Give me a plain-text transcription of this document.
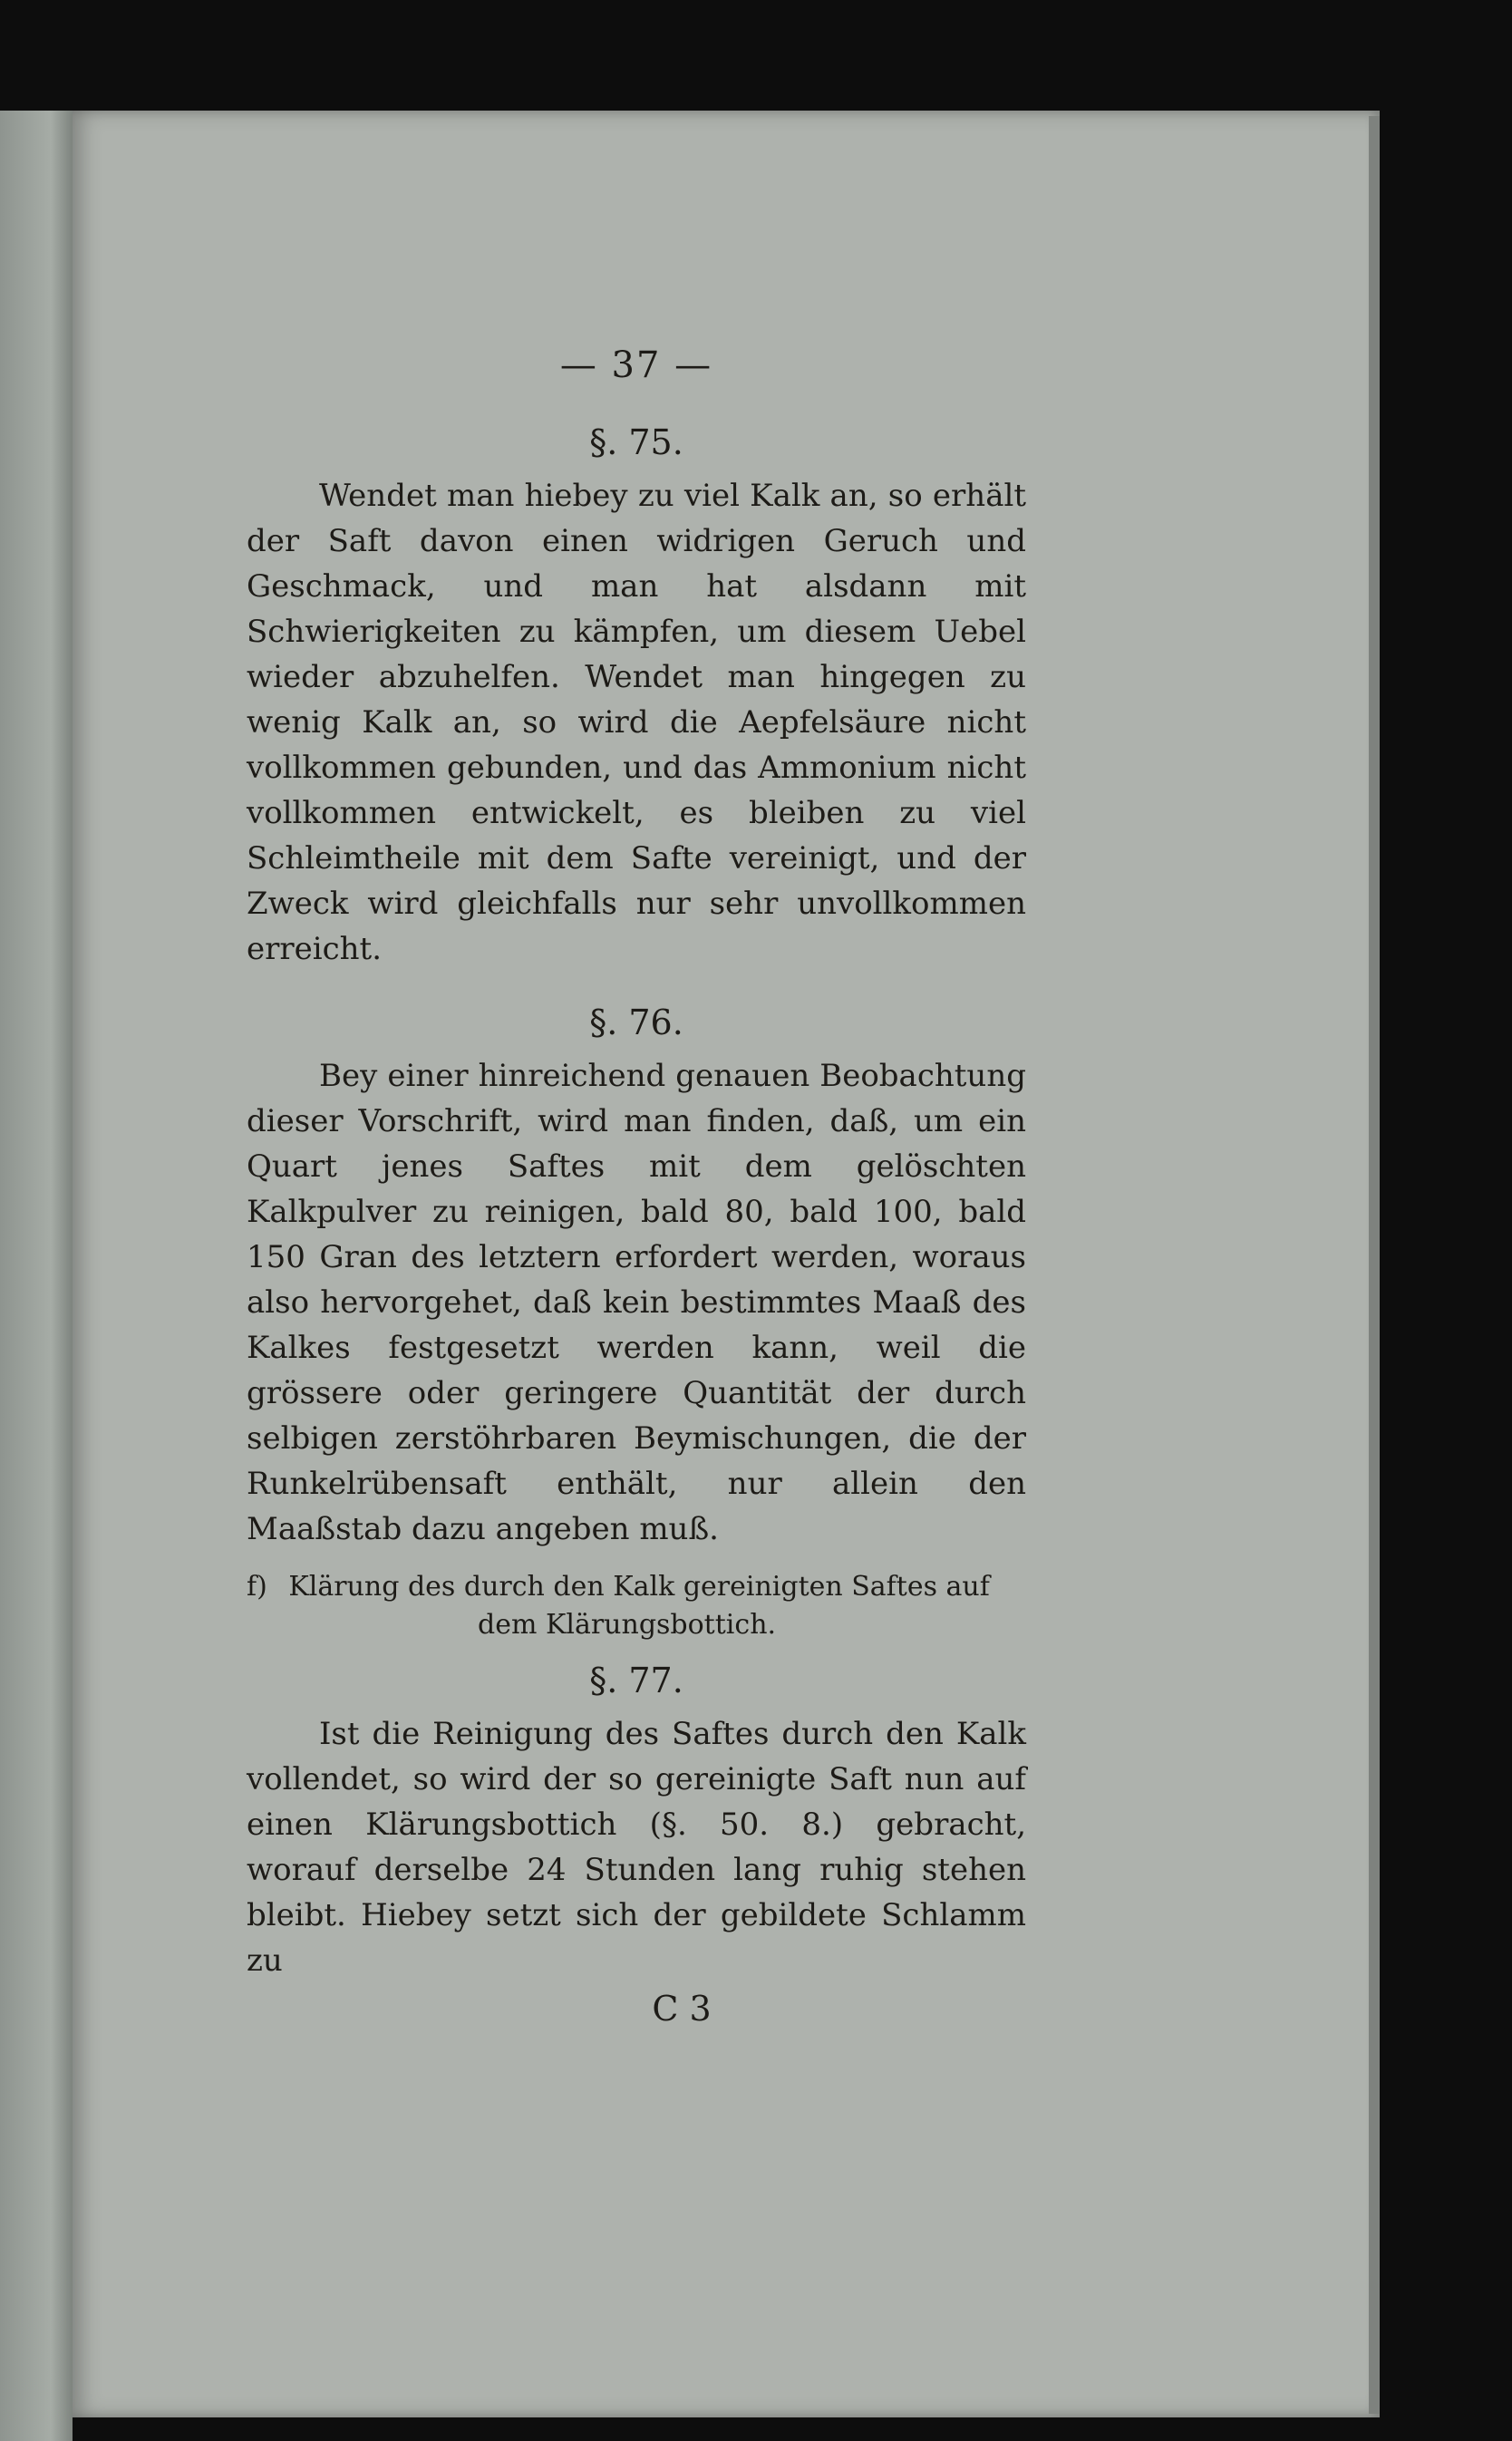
— 37 —
§. 75.

Wendet man hiebey zu viel Kalk an, so erhält der Saft davon einen widrigen Geruch und Geschmack, und man hat alsdann mit Schwierigkeiten zu kämpfen, um diesem Uebel wieder abzuhelfen. Wendet man hingegen zu wenig Kalk an, so wird die Aepfelsäure nicht vollkommen gebunden, und das Ammonium nicht vollkommen entwickelt, es bleiben zu viel Schleimtheile mit dem Safte vereinigt, und der Zweck wird gleichfalls nur sehr unvollkommen erreicht.

§. 76.

Bey einer hinreichend genauen Beobachtung dieser Vorschrift, wird man finden, daß, um ein Quart jenes Saftes mit dem gelöschten Kalkpulver zu reinigen, bald 80, bald 100, bald 150 Gran des letztern erfordert werden, woraus also hervorgehet, daß kein bestimmtes Maaß des Kalkes festgesetzt werden kann, weil die grössere oder geringere Quantität der durch selbigen zerstöhrbaren Beymischungen, die der Runkelrübensaft enthält, nur allein den Maaßstab dazu angeben muß.

f) Klärung des durch den Kalk gereinigten Saftes auf
dem Klärungsbottich.
§. 77.

Ist die Reinigung des Saftes durch den Kalk vollendet, so wird der so gereinigte Saft nun auf einen Klärungsbottich (§. 50. 8.) gebracht, worauf derselbe 24 Stunden lang ruhig stehen bleibt. Hiebey setzt sich der gebildete Schlamm zu

C 3
